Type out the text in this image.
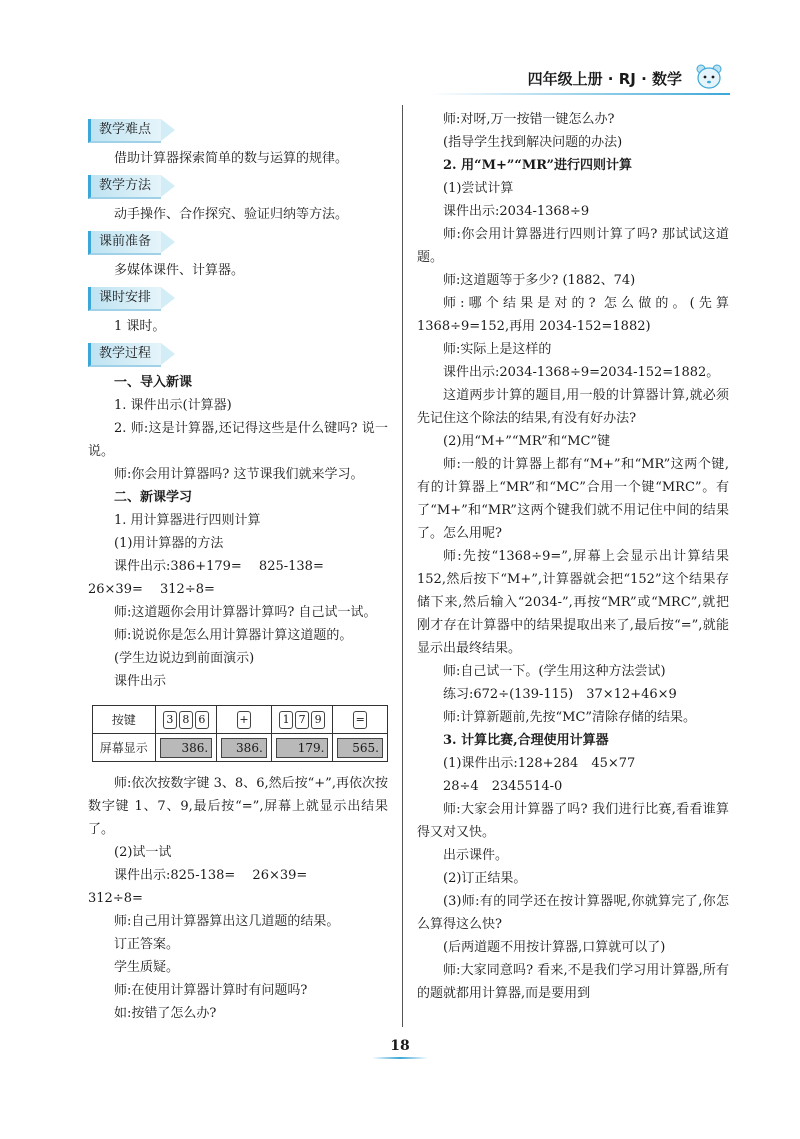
四年级上册 · RJ · 数学
教学难点

借助计算器探索简单的数与运算的规律。

教学方法

动手操作、合作探究、验证归纳等方法。

课前准备

多媒体课件、计算器。

课时安排

1 课时。

教学过程

一、导入新课

1. 课件出示(计算器)

2. 师:这是计算器,还记得这些是什么键吗? 说一说。

师:你会用计算器吗? 这节课我们就来学习。

二、新课学习

1. 用计算器进行四则计算

(1)用计算器的方法

课件出示:386+179=　 825-138=

26×39=　 312÷8=

师:这道题你会用计算器计算吗? 自己试一试。

师:说说你是怎么用计算器计算这道题的。

(学生边说边到前面演示)

课件出示

按键	3 8 6	+	1 7 9	=
屏幕显示	386.	386.	179.	565.

师:依次按数字键 3、8、6,然后按“+”,再依次按数字键 1、7、9,最后按“=”,屏幕上就显示出结果了。

(2)试一试

课件出示:825-138=　 26×39=

312÷8=

师:自己用计算器算出这几道题的结果。

订正答案。

学生质疑。

师:在使用计算器计算时有问题吗?

如:按错了怎么办?

师:对呀,万一按错一键怎么办?

(指导学生找到解决问题的办法)

2. 用“M+”“MR”进行四则计算

(1)尝试计算

课件出示:2034-1368÷9

师:你会用计算器进行四则计算了吗? 那试试这道题。

师:这道题等于多少? (1882、74)

师:哪个结果是对的? 怎么做的。(先算 1368÷9=152,再用 2034-152=1882)

师:实际上是这样的

课件出示:2034-1368÷9=2034-152=1882。

这道两步计算的题目,用一般的计算器计算,就必须先记住这个除法的结果,有没有好办法?

(2)用“M+”“MR”和“MC”键

师:一般的计算器上都有“M+”和“MR”这两个键,有的计算器上“MR”和“MC”合用一个键“MRC”。有了“M+”和“MR”这两个键我们就不用记住中间的结果了。怎么用呢?

师:先按“1368÷9=”,屏幕上会显示出计算结果 152,然后按下“M+”,计算器就会把“152”这个结果存储下来,然后输入“2034-”,再按“MR”或“MRC”,就把刚才存在计算器中的结果提取出来了,最后按“=”,就能显示出最终结果。

师:自己试一下。(学生用这种方法尝试)

练习:672÷(139-115)　37×12+46×9

师:计算新题前,先按“MC”清除存储的结果。

3. 计算比赛,合理使用计算器

(1)课件出示:128+284　45×77

28÷4　2345514-0

师:大家会用计算器了吗? 我们进行比赛,看看谁算得又对又快。

出示课件。

(2)订正结果。

(3)师:有的同学还在按计算器呢,你就算完了,你怎么算得这么快?

(后两道题不用按计算器,口算就可以了)

师:大家同意吗? 看来,不是我们学习用计算器,所有的题就都用计算器,而是要用到

18
